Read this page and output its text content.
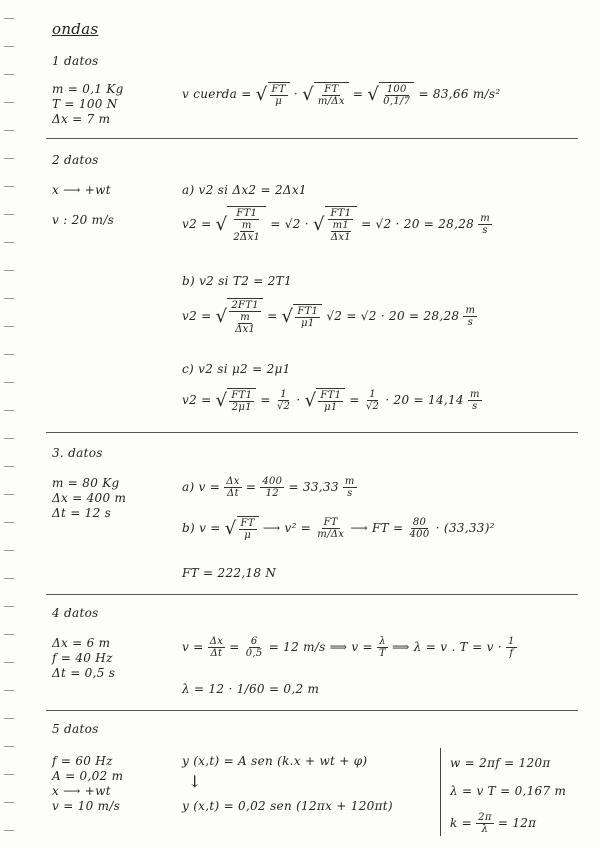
ondas
1 datos
m = 0,1 Kg
T = 100 N
Δx = 7 m
v cuerda = √ $\frac{FT}{\mu}$ · √ $\frac{FT}{m/\Delta x}$ = √ $\frac{100}{0,1/7} = 83,66$ m/s²
2 datos
x ⟶ +wt
v : 20 m/s
a) v2 si Δx2 = 2Δx1
v2 = √ $\frac{FT1}{\frac{m}{2\Delta x1}} = √2$ · √ $\frac{FT1}{\frac{m1}{\Delta x1}} = √2 \cdot 20 = 28,28 \frac{m}{s}$
b) v2 si T2 = 2T1
v2 = √ $\frac{2FT1}{\frac{m}{\Delta x1}}$ = √ $\frac{FT1}{\mu 1} √2 = √2 \cdot 20 = 28,28 \frac{m}{s}$
c) v2 si μ2 = 2μ1
v2 = √ $\frac{FT1}{2\mu 1} = \frac{1}{√2}$ · √ $\frac{FT1}{\mu 1} = \frac{1}{√2} \cdot 20 = 14,14 \frac{m}{s}$
3. datos
m = 80 Kg
Δx = 400 m
Δt = 12 s
a) $v = \frac{\Delta x}{\Delta t} = \frac{400}{12} = 33,33 \frac{m}{s}$
b) v = √ $\frac{FT}{\mu}$ ⟶ $v^2 = \frac{FT}{m/\Delta x}$ ⟶ FT = $\frac{80}{400} \cdot (33,33)^2$
FT = 222,18 N
4 datos
Δx = 6 m
f = 40 Hz
Δt = 0,5 s
$v = \frac{\Delta x}{\Delta t} = \frac{6}{0,5} = 12$ m/s ⟹ $v = \frac{\lambda}{T}$ ⟹ λ = v . $T = v \cdot \frac{1}{f}$
λ = 12 · 1/60 = 0,2 m
5 datos
f = 60 Hz
A = 0,02 m
x ⟶ +wt
v = 10 m/s
y (x,t) = A sen (k.x + wt + φ)
↓
y (x,t) = 0,02 sen (12πx + 120πt)
w = 2πf = 120π
λ = v T = 0,167 m
$k = \frac{2\pi}{\lambda} = 12\pi$
